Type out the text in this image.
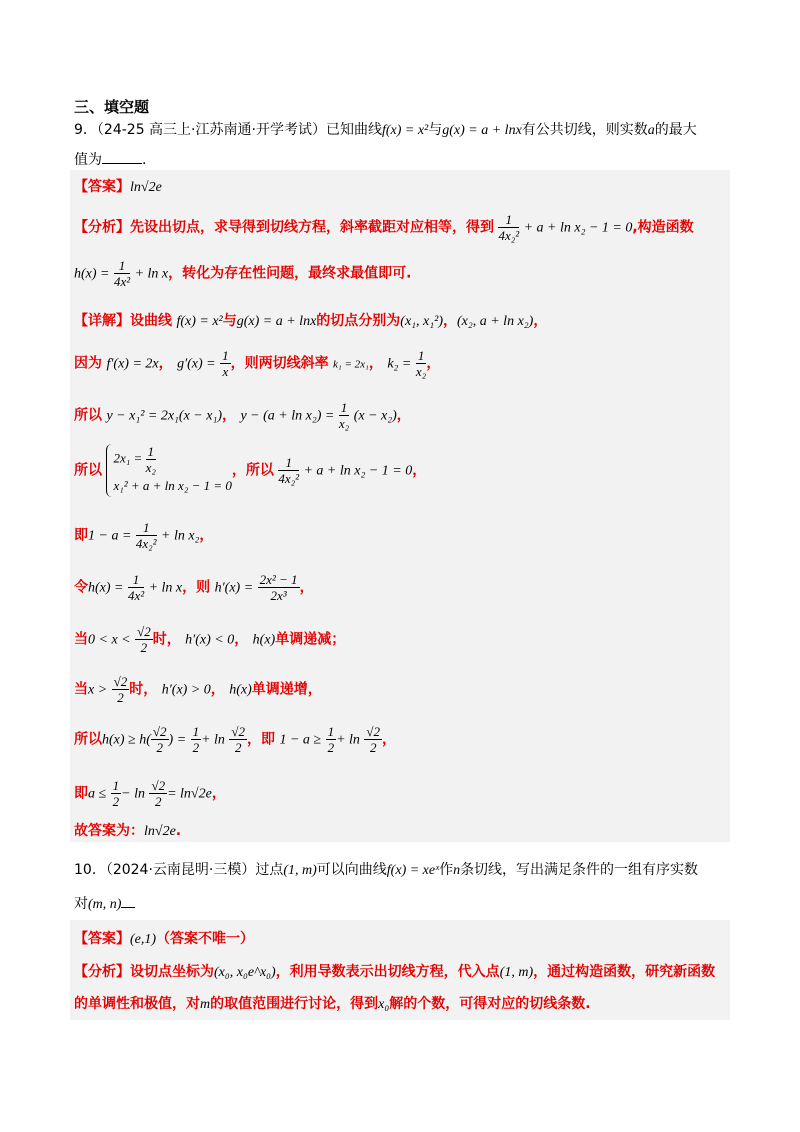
三、填空题
9．（24-25 高三上·江苏南通·开学考试）已知曲线f(x) = x²与g(x) = a + lnx有公共切线，则实数a的最大
值为	.
【答案】ln√2e
【分析】先设出切点，求导得到切线方程，斜率截距对应相等，得到 $\frac{1}{\text{4x₂²}} + a + \ln x_2 - 1 = 0$,构造函数
$h(x) = \frac{1}{\text{4x²}} + \ln x$，转化为存在性问题，最终求最值即可.
【详解】设曲线 f(x) = x²与g(x) = a + lnx的切点分别为(x₁, x₁²)，(x₂, a + ln x₂)，
因为 f′(x) = 2x， $g'(x) = \frac{1}{x}$ ，则两切线斜率 k₁ = 2x₁， $k_2 = \frac{1}{\text{x₂}}$ ，
所以 y − x₁² = 2x₁(x − x₁)， $y - (a + \ln x_2) = \frac{1}{\text{x₂}} (x - x_2)$，
所以
$2x_1 = \frac{1}{\text{x₂}}$
x₁² + a + ln x₂ − 1 = 0
，所以 $\frac{1}{\text{4x₂²}} + a + \ln x_2 - 1 = 0$，
即$1 - a = \frac{1}{\text{4x₂²}} + \ln x_2$，
令$h(x) = \frac{1}{\text{4x²}} + \ln x$，则 $h'(x) = \frac{\text{2x² − 1}}{\text{2x³}}$ ，
当$0 < x < \frac{√2}{2}$ 时， h′(x) < 0， h(x)单调递减；
当$x > \frac{√2}{2}$ 时， h′(x) > 0， h(x)单调递增，
所以$h(x) \ge h( \frac{√2}{2}$ ) = $\frac{1}{2} + \ln \frac{√2}{2}$ ，即 $1 - a \ge \frac{1}{2} + \ln \frac{√2}{2}$ ，
即$a \le \frac{1}{2} - \ln \frac{√2}{2} = \ln√2e$，
故答案为：ln√2e.
10．（2024·云南昆明·三模）过点(1, m)可以向曲线f(x) = xeˣ作n条切线，写出满足条件的一组有序实数
对(m, n)
【答案】(e,1)（答案不唯一）
【分析】设切点坐标为(x₀, x₀e^x₀)，利用导数表示出切线方程，代入点(1, m)，通过构造函数，研究新函数
的单调性和极值，对m的取值范围进行讨论，得到x₀解的个数，可得对应的切线条数.
